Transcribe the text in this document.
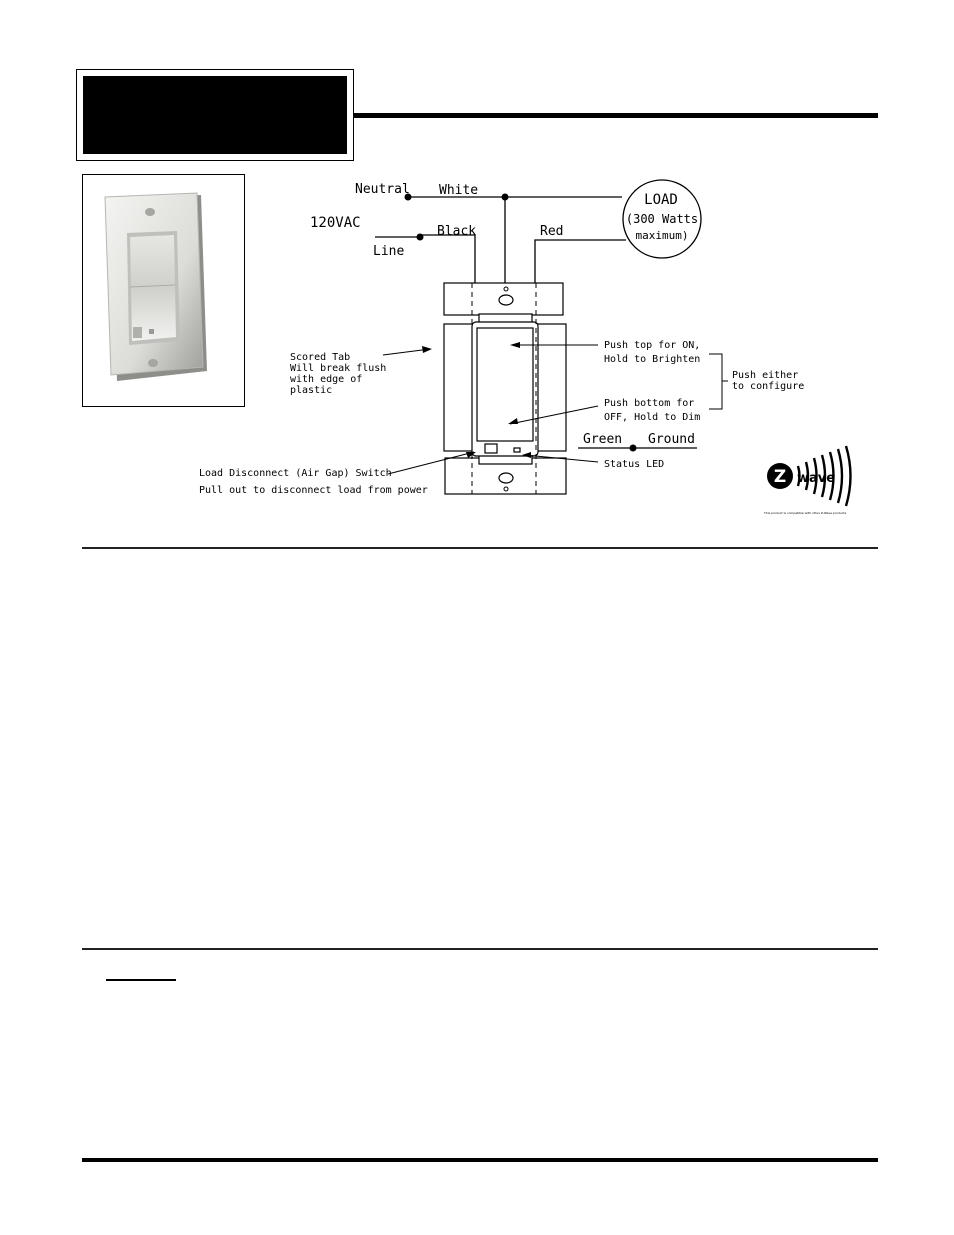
Neutral White
120VAC
Black	Red
Line
LOAD
(300 Watts
maximum)
Scored Tab
Will break flush
with edge of
plastic
Push top for ON,
Hold to Brighten
Push bottom for
OFF, Hold to Dim
Push either
to configure
Green Ground
Status LED
Load Disconnect (Air Gap) Switch
Pull out to disconnect load from power
Z wave
This product is compatible with other Z-Wave products
